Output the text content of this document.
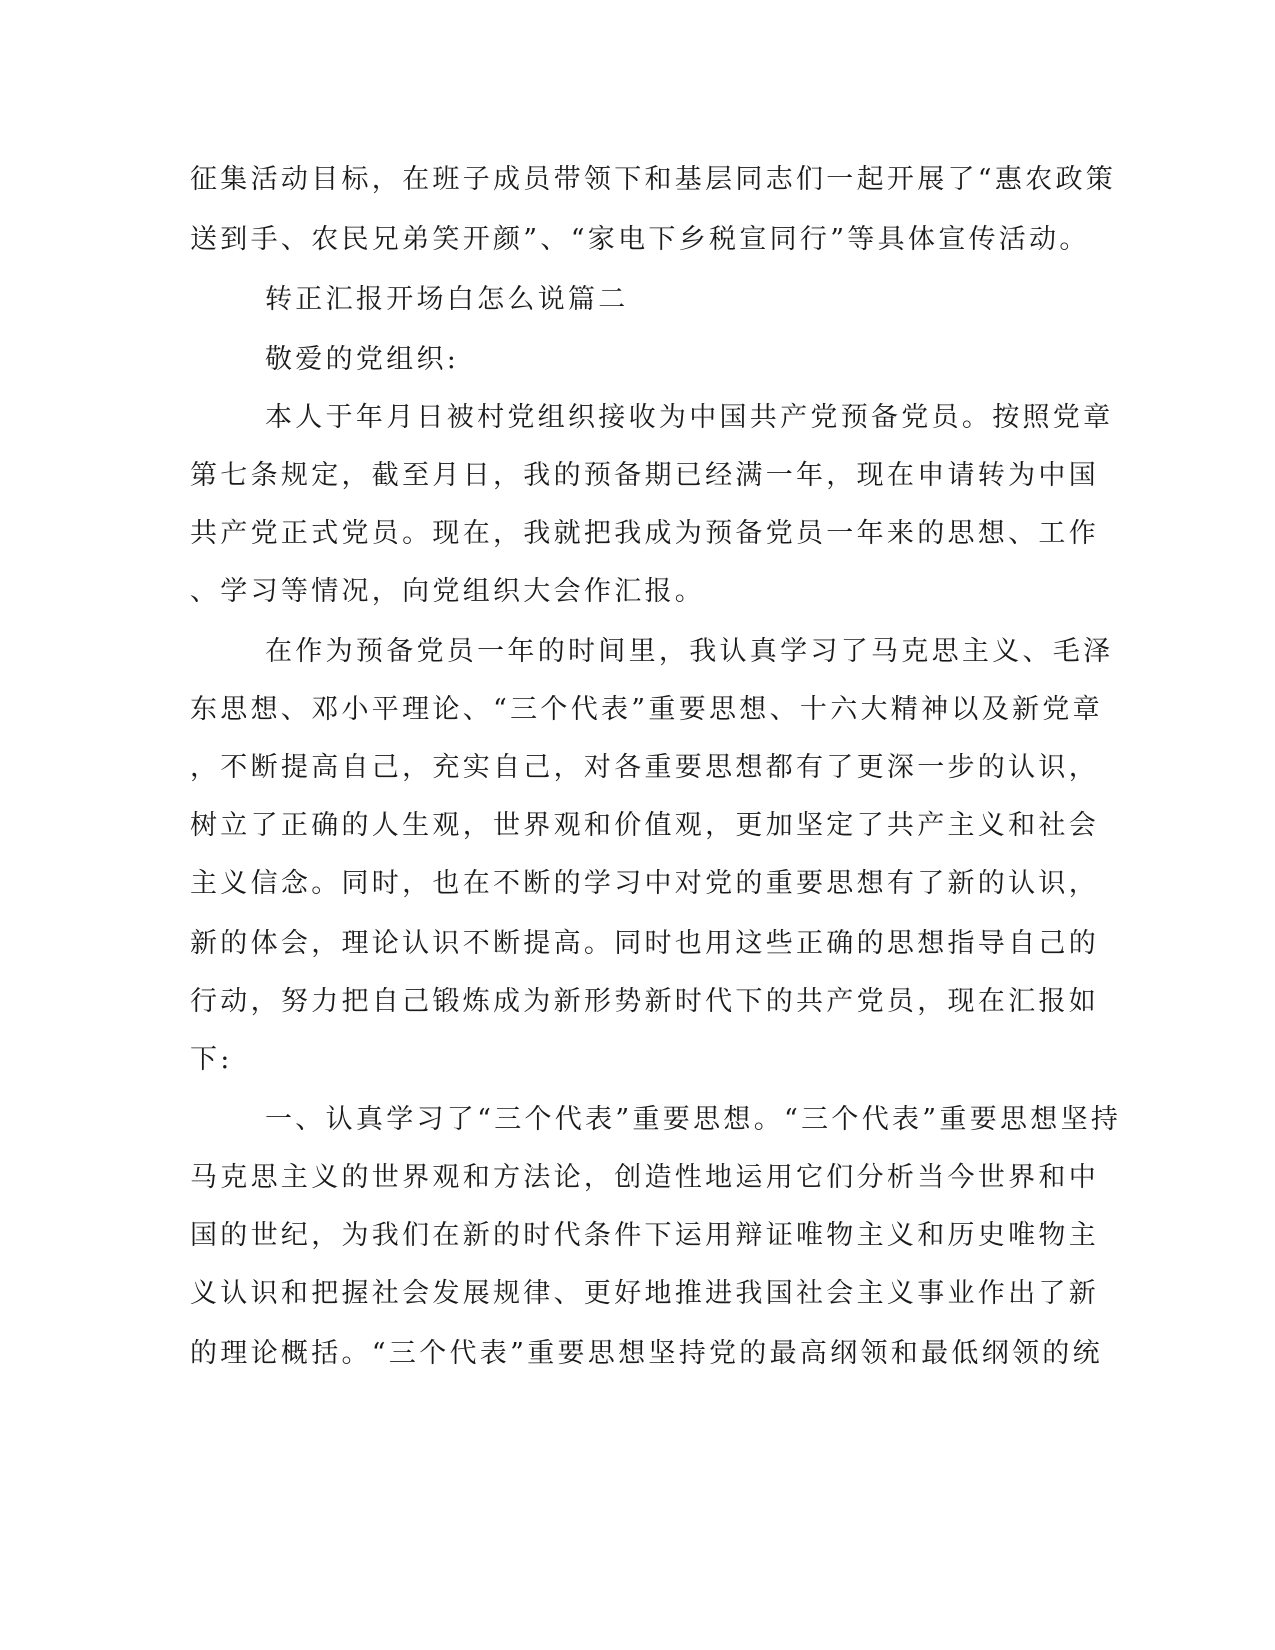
征集活动目标，在班子成员带领下和基层同志们一起开展了“惠农政策
送到手、农民兄弟笑开颜”、“家电下乡税宣同行”等具体宣传活动。
转正汇报开场白怎么说篇二
敬爱的党组织:
本人于年月日被村党组织接收为中国共产党预备党员。按照党章
第七条规定，截至月日，我的预备期已经满一年，现在申请转为中国
共产党正式党员。现在，我就把我成为预备党员一年来的思想、工作
、学习等情况，向党组织大会作汇报。
在作为预备党员一年的时间里，我认真学习了马克思主义、毛泽
东思想、邓小平理论、“三个代表”重要思想、十六大精神以及新党章
，不断提高自己，充实自己，对各重要思想都有了更深一步的认识，
树立了正确的人生观，世界观和价值观，更加坚定了共产主义和社会
主义信念。同时，也在不断的学习中对党的重要思想有了新的认识，
新的体会，理论认识不断提高。同时也用这些正确的思想指导自己的
行动，努力把自己锻炼成为新形势新时代下的共产党员，现在汇报如
下:
一、认真学习了“三个代表”重要思想。“三个代表”重要思想坚持
马克思主义的世界观和方法论，创造性地运用它们分析当今世界和中
国的世纪，为我们在新的时代条件下运用辩证唯物主义和历史唯物主
义认识和把握社会发展规律、更好地推进我国社会主义事业作出了新
的理论概括。“三个代表”重要思想坚持党的最高纲领和最低纲领的统
